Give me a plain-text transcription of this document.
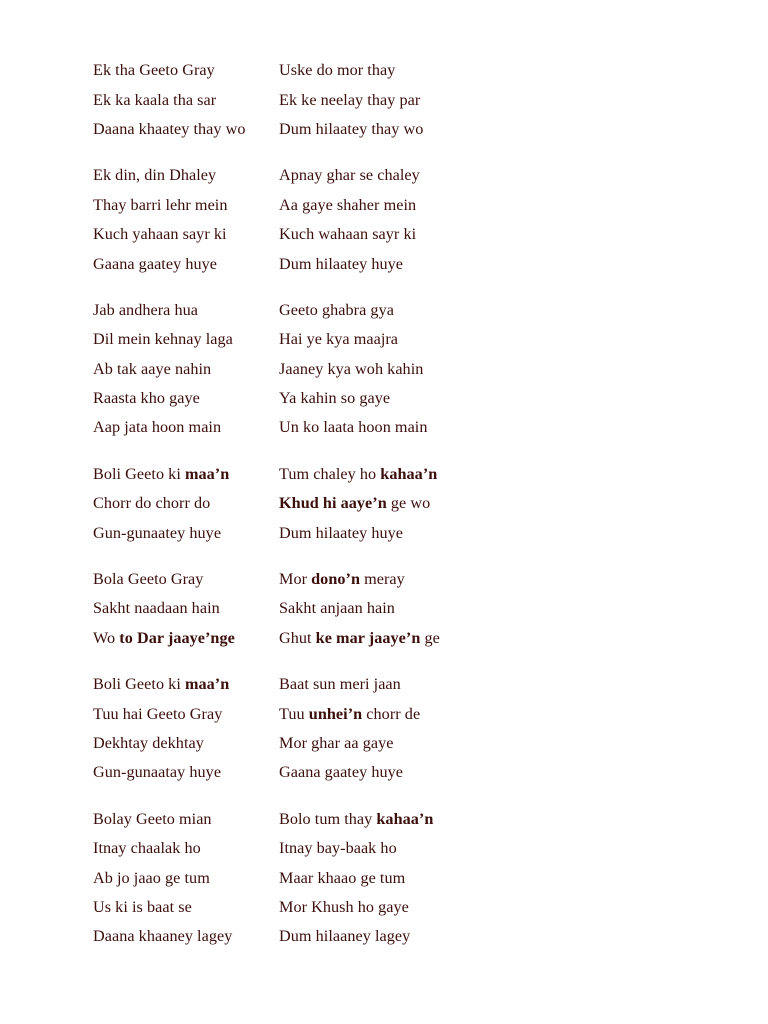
Ek tha Geeto Gray	Uske do mor thay
Ek ka kaala tha sar	Ek ke neelay thay par
Daana khaatey thay wo	Dum hilaatey thay wo
Ek din, din Dhaley	Apnay ghar se chaley
Thay barri lehr mein	Aa gaye shaher mein
Kuch yahaan sayr ki	Kuch wahaan sayr ki
Gaana gaatey huye	Dum hilaatey huye
Jab andhera hua	Geeto ghabra gya
Dil mein kehnay laga	Hai ye kya maajra
Ab tak aaye nahin	Jaaney kya woh kahin
Raasta kho gaye	Ya kahin so gaye
Aap jata hoon main	Un ko laata hoon main
Boli Geeto ki maa’n	Tum chaley ho kahaa’n
Chorr do chorr do	Khud hi aaye’n ge wo
Gun-gunaatey huye	Dum hilaatey huye
Bola Geeto Gray	Mor dono’n meray
Sakht naadaan hain	Sakht anjaan hain
Wo to Dar jaaye’nge	Ghut ke mar jaaye’n ge
Boli Geeto ki maa’n	Baat sun meri jaan
Tuu hai Geeto Gray	Tuu unhei’n chorr de
Dekhtay dekhtay	Mor ghar aa gaye
Gun-gunaatay huye	Gaana gaatey huye
Bolay Geeto mian	Bolo tum thay kahaa’n
Itnay chaalak ho	Itnay bay-baak ho
Ab jo jaao ge tum	Maar khaao ge tum
Us ki is baat se	Mor Khush ho gaye
Daana khaaney lagey	Dum hilaaney lagey
